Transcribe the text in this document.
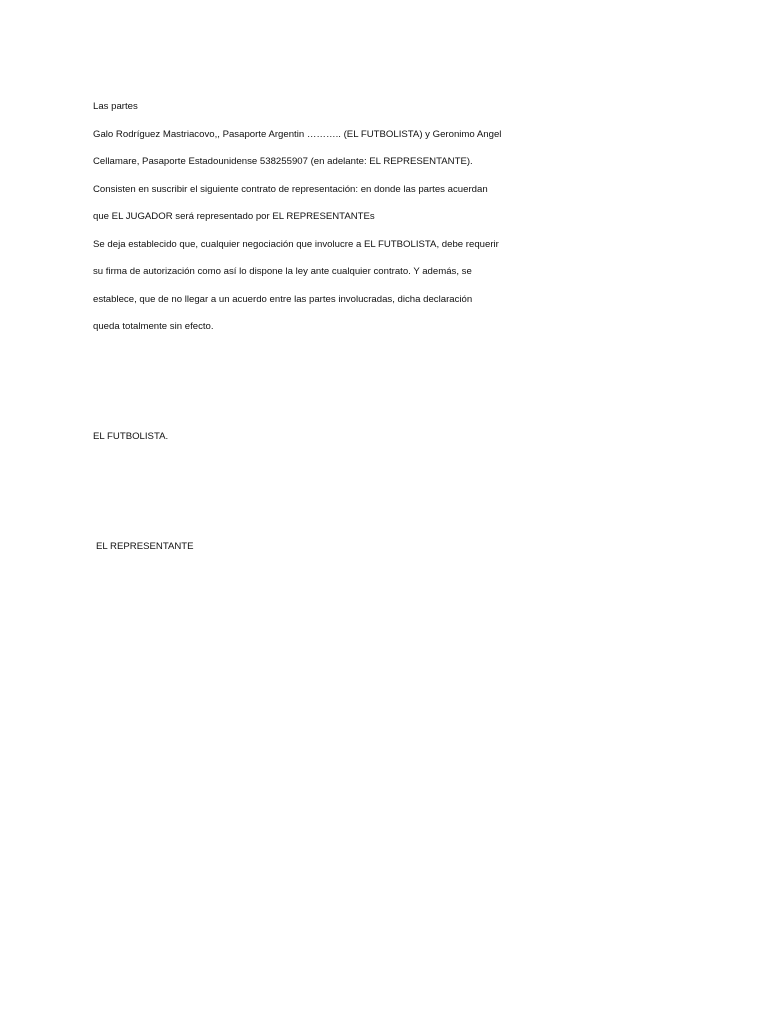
Las partes
Galo Rodríguez Mastriacovo,, Pasaporte Argentin ……….. (EL FUTBOLISTA) y Geronimo Angel
Cellamare, Pasaporte Estadounidense 538255907 (en adelante: EL REPRESENTANTE).
Consisten en suscribir el siguiente contrato de representación: en donde las partes acuerdan
que EL JUGADOR será representado por EL REPRESENTANTEs
Se deja establecido que, cualquier negociación que involucre a EL FUTBOLISTA, debe requerir
su firma de autorización como así lo dispone la ley ante cualquier contrato. Y además, se
establece, que de no llegar a un acuerdo entre las partes involucradas, dicha declaración
queda totalmente sin efecto.
EL FUTBOLISTA.
EL REPRESENTANTE
